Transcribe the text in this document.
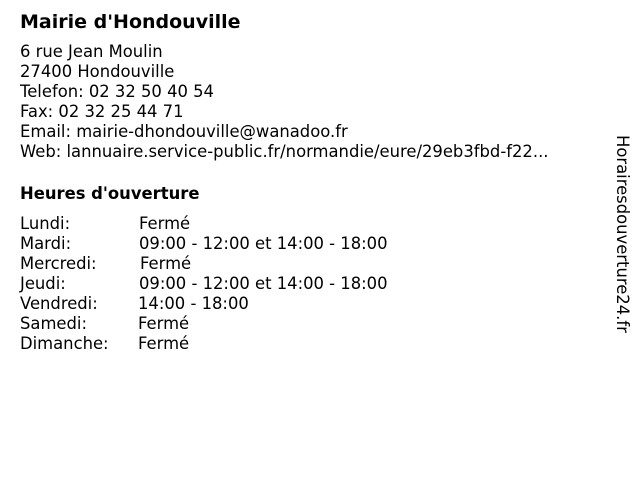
Mairie d'Hondouville
6 rue Jean Moulin
27400 Hondouville
Telefon: 02 32 50 40 54
Fax: 02 32 25 44 71
Email: mairie-dhondouville@wanadoo.fr
Web: lannuaire.service-public.fr/normandie/eure/29eb3fbd-f22...
Heures d'ouverture
Lundi:	Fermé
Mardi:	09:00 - 12:00 et 14:00 - 18:00
Mercredi:	Fermé
Jeudi:	09:00 - 12:00 et 14:00 - 18:00
Vendredi: 14:00 - 18:00
Samedi:	Fermé
Dimanche: Fermé
Horairesdouverture24.fr
